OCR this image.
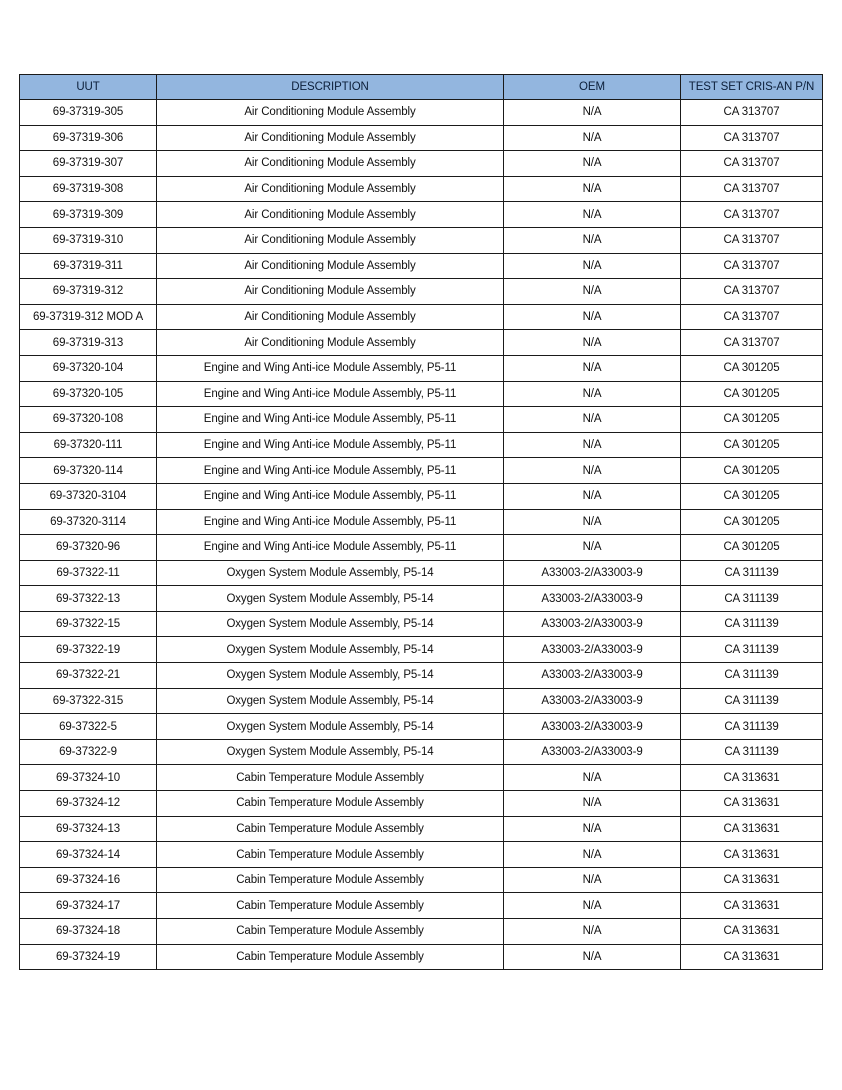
UUT	DESCRIPTION	OEM	TEST SET CRIS-AN P/N
69-37319-305	Air Conditioning Module Assembly	N/A	CA 313707
69-37319-306	Air Conditioning Module Assembly	N/A	CA 313707
69-37319-307	Air Conditioning Module Assembly	N/A	CA 313707
69-37319-308	Air Conditioning Module Assembly	N/A	CA 313707
69-37319-309	Air Conditioning Module Assembly	N/A	CA 313707
69-37319-310	Air Conditioning Module Assembly	N/A	CA 313707
69-37319-311	Air Conditioning Module Assembly	N/A	CA 313707
69-37319-312	Air Conditioning Module Assembly	N/A	CA 313707
69-37319-312 MOD A	Air Conditioning Module Assembly	N/A	CA 313707
69-37319-313	Air Conditioning Module Assembly	N/A	CA 313707
69-37320-104	Engine and Wing Anti-ice Module Assembly, P5-11	N/A	CA 301205
69-37320-105	Engine and Wing Anti-ice Module Assembly, P5-11	N/A	CA 301205
69-37320-108	Engine and Wing Anti-ice Module Assembly, P5-11	N/A	CA 301205
69-37320-111	Engine and Wing Anti-ice Module Assembly, P5-11	N/A	CA 301205
69-37320-114	Engine and Wing Anti-ice Module Assembly, P5-11	N/A	CA 301205
69-37320-3104	Engine and Wing Anti-ice Module Assembly, P5-11	N/A	CA 301205
69-37320-3114	Engine and Wing Anti-ice Module Assembly, P5-11	N/A	CA 301205
69-37320-96	Engine and Wing Anti-ice Module Assembly, P5-11	N/A	CA 301205
69-37322-11	Oxygen System Module Assembly, P5-14	A33003-2/A33003-9	CA 311139
69-37322-13	Oxygen System Module Assembly, P5-14	A33003-2/A33003-9	CA 311139
69-37322-15	Oxygen System Module Assembly, P5-14	A33003-2/A33003-9	CA 311139
69-37322-19	Oxygen System Module Assembly, P5-14	A33003-2/A33003-9	CA 311139
69-37322-21	Oxygen System Module Assembly, P5-14	A33003-2/A33003-9	CA 311139
69-37322-315	Oxygen System Module Assembly, P5-14	A33003-2/A33003-9	CA 311139
69-37322-5	Oxygen System Module Assembly, P5-14	A33003-2/A33003-9	CA 311139
69-37322-9	Oxygen System Module Assembly, P5-14	A33003-2/A33003-9	CA 311139
69-37324-10	Cabin Temperature Module Assembly	N/A	CA 313631
69-37324-12	Cabin Temperature Module Assembly	N/A	CA 313631
69-37324-13	Cabin Temperature Module Assembly	N/A	CA 313631
69-37324-14	Cabin Temperature Module Assembly	N/A	CA 313631
69-37324-16	Cabin Temperature Module Assembly	N/A	CA 313631
69-37324-17	Cabin Temperature Module Assembly	N/A	CA 313631
69-37324-18	Cabin Temperature Module Assembly	N/A	CA 313631
69-37324-19	Cabin Temperature Module Assembly	N/A	CA 313631
